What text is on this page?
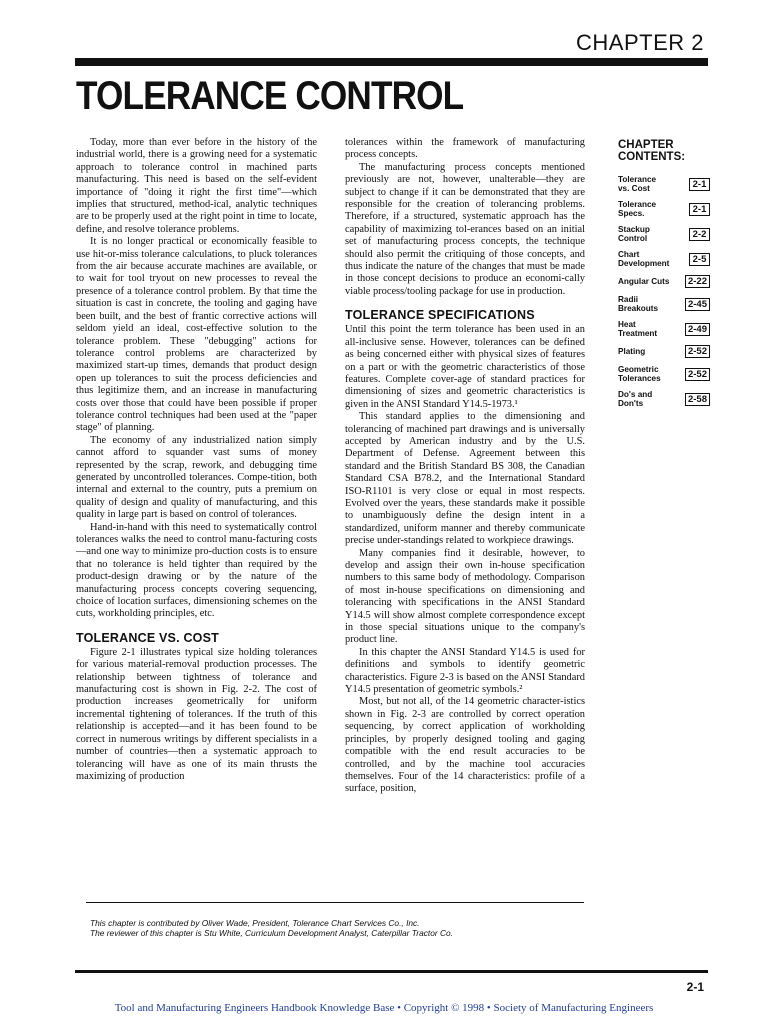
CHAPTER 2
TOLERANCE CONTROL

Today, more than ever before in the history of the industrial world, there is a growing need for a systematic approach to tolerance control in machined parts manufacturing. This need is based on the self-evident importance of "doing it right the first time"—which implies that structured, method-ical, analytic techniques are to be properly used at the right point in time to locate, define, and resolve tolerance problems.

It is no longer practical or economically feasible to use hit-or-miss tolerance calculations, to pluck tolerances from the air because accurate machines are available, or to wait for tool tryout on new processes to reveal the presence of a tolerance control problem. By that time the situation is cast in concrete, the tooling and gaging have been built, and the best of frantic corrective actions will seldom yield an ideal, cost-effective solution to the tolerance problem. These "debugging" actions for tolerance control problems are characterized by maximized start-up times, demands that product design open up tolerances to suit the process deficiencies and thus legitimize them, and an increase in manufacturing costs over those that could have been possible if proper tolerance control techniques had been used at the "paper stage" of planning.

The economy of any industrialized nation simply cannot afford to squander vast sums of money represented by the scrap, rework, and debugging time generated by uncontrolled tolerances. Compe-tition, both internal and external to the country, puts a premium on quality of design and quality of manufacturing, and this quality in large part is based on control of tolerances.

Hand-in-hand with this need to systematically control tolerances walks the need to control manu-facturing costs—and one way to minimize pro-duction costs is to ensure that no tolerance is held tighter than required by the product-design drawing or by the nature of the manufacturing process concepts covering sequencing, choice of location surfaces, dimensioning schemes on the cuts, workholding principles, etc.

TOLERANCE VS. COST

Figure 2-1 illustrates typical size holding tolerances for various material-removal production processes. The relationship between tightness of tolerance and manufacturing cost is shown in Fig. 2-2. The cost of production increases geometrically for uniform incremental tightening of tolerances. If the truth of this relationship is accepted—and it has been found to be correct in numerous writings by different specialists in a number of countries—then a systematic approach to tolerancing will have as one of its main thrusts the maximizing of production

tolerances within the framework of manufacturing process concepts.

The manufacturing process concepts mentioned previously are not, however, unalterable—they are subject to change if it can be demonstrated that they are responsible for the creation of tolerancing problems. Therefore, if a structured, systematic approach has the capability of maximizing tol-erances based on an initial set of manufacturing process concepts, the technique should also permit the critiquing of those concepts, and thus indicate the nature of the changes that must be made in those concept decisions to produce an economi-cally viable process/tooling package for use in production.

TOLERANCE SPECIFICATIONS

Until this point the term tolerance has been used in an all-inclusive sense. However, tolerances can be defined as being concerned either with physical sizes of features on a part or with the geometric characteristics of those features. Complete cover-age of standard practices for dimensioning of sizes and geometric characteristics is given in the ANSI Standard Y14.5-1973.¹

This standard applies to the dimensioning and tolerancing of machined part drawings and is universally accepted by American industry and by the U.S. Department of Defense. Agreement between this standard and the British Standard BS 308, the Canadian Standard CSA B78.2, and the International Standard ISO-R1101 is very close or equal in most respects. Evolved over the years, these standards make it possible to unambiguously define the design intent in a standardized, uniform manner and thereby communicate precise under-standings related to workpiece drawings.

Many companies find it desirable, however, to develop and assign their own in-house specification numbers to this same body of methodology. Comparison of most in-house specifications on dimensioning and tolerancing with specifications in the ANSI Standard Y14.5 will show almost complete correspondence except in those special situations unique to the company's product line.

In this chapter the ANSI Standard Y14.5 is used for definitions and symbols to identify geometric characteristics. Figure 2-3 is based on the ANSI Standard Y14.5 presentation of geometric symbols.²

Most, but not all, of the 14 geometric character-istics shown in Fig. 2-3 are controlled by correct operation sequencing, by correct application of workholding principles, by properly designed tooling and gaging compatible with the end result accuracies to be controlled, and by the machine tool accuracies themselves. Four of the 14 characteristics: profile of a surface, position,

CHAPTER
CONTENTS:
Tolerance
vs. Cost	2-1
Tolerance
Specs.	2-1
Stackup
Control	2-2
Chart
Development	2-5
Angular Cuts	2-22
Radii
Breakouts	2-45
Heat
Treatment	2-49
Plating	2-52
Geometric
Tolerances	2-52
Do's and
Don'ts	2-58
This chapter is contributed by Oliver Wade, President, Tolerance Chart Services Co., Inc.
The reviewer of this chapter is Stu White, Curriculum Development Analyst, Caterpillar Tractor Co.
2-1
Tool and Manufacturing Engineers Handbook Knowledge Base • Copyright © 1998 • Society of Manufacturing Engineers
